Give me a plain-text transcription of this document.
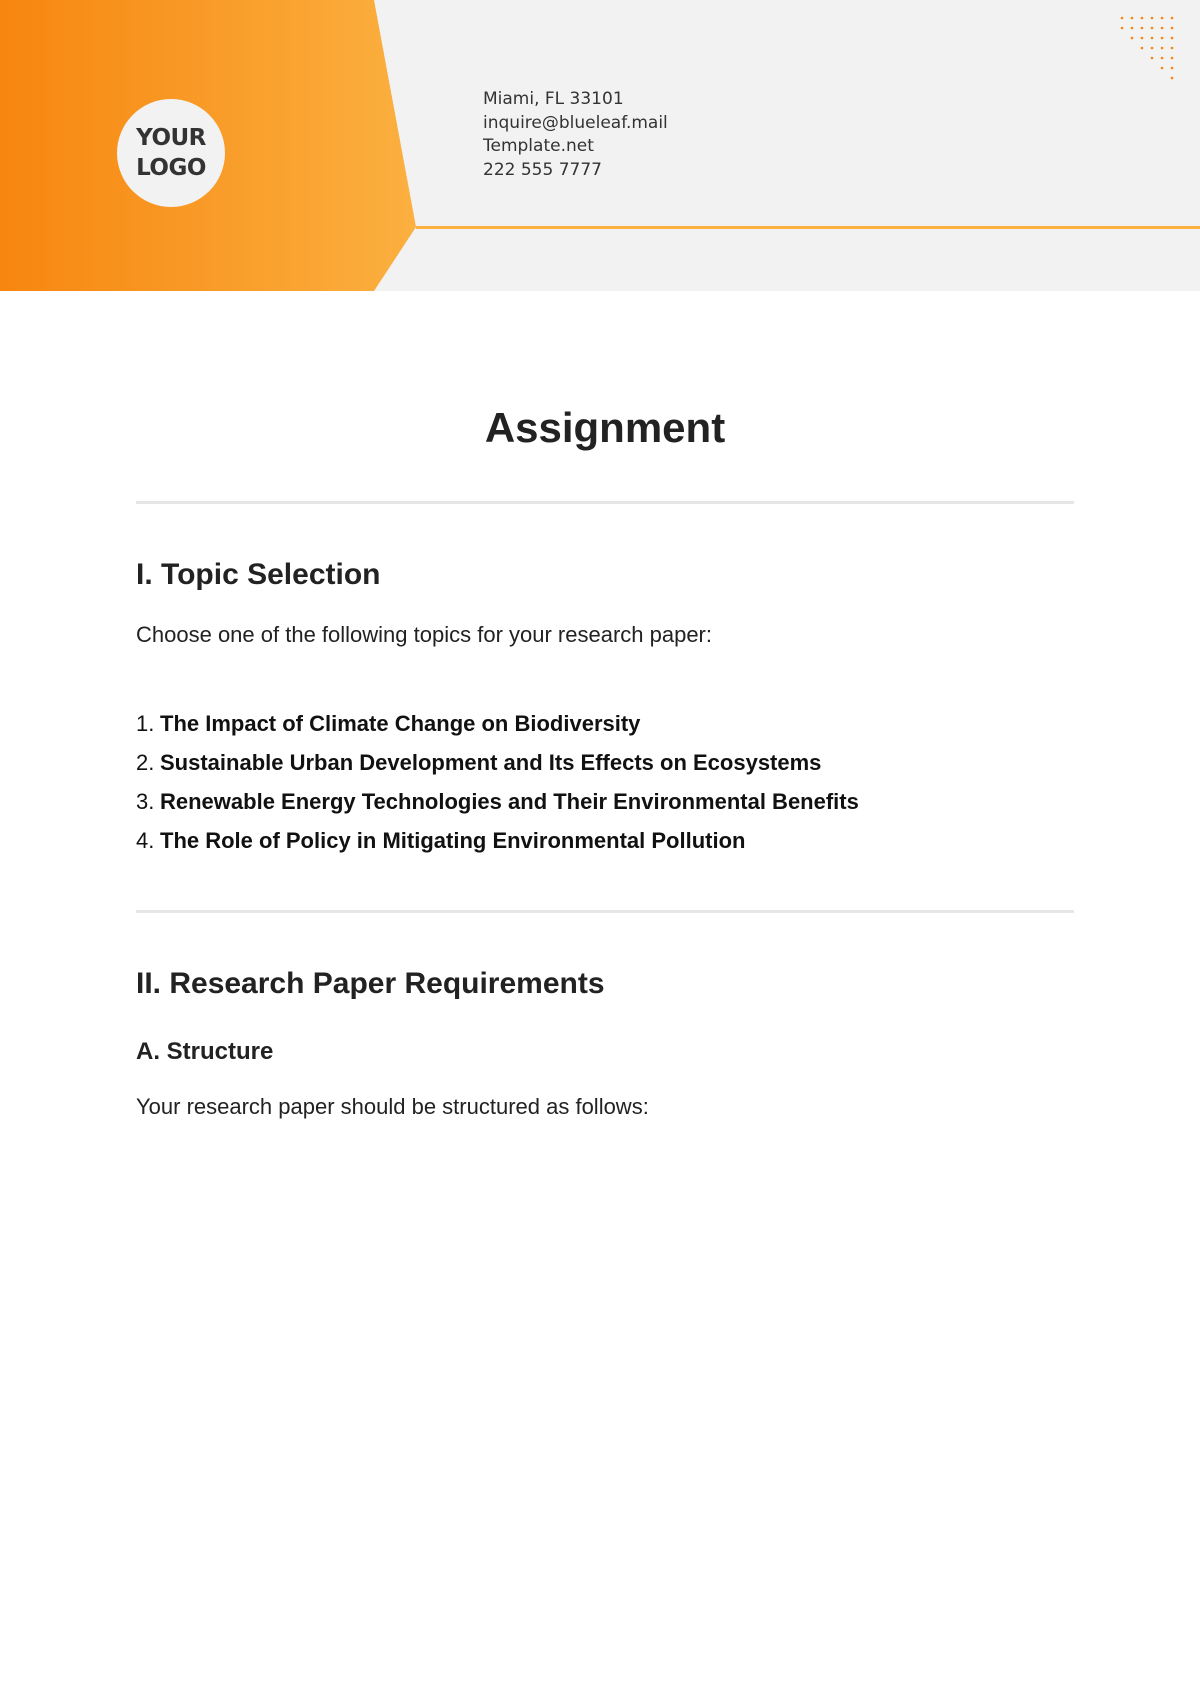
YOUR
LOGO
Miami, FL 33101
inquire@blueleaf.mail
Template.net
222 555 7777
Assignment
I. Topic Selection

Choose one of the following topics for your research paper:

1. The Impact of Climate Change on Biodiversity
2. Sustainable Urban Development and Its Effects on Ecosystems
3. Renewable Energy Technologies and Their Environmental Benefits
4. The Role of Policy in Mitigating Environmental Pollution
II. Research Paper Requirements
A. Structure

Your research paper should be structured as follows:
